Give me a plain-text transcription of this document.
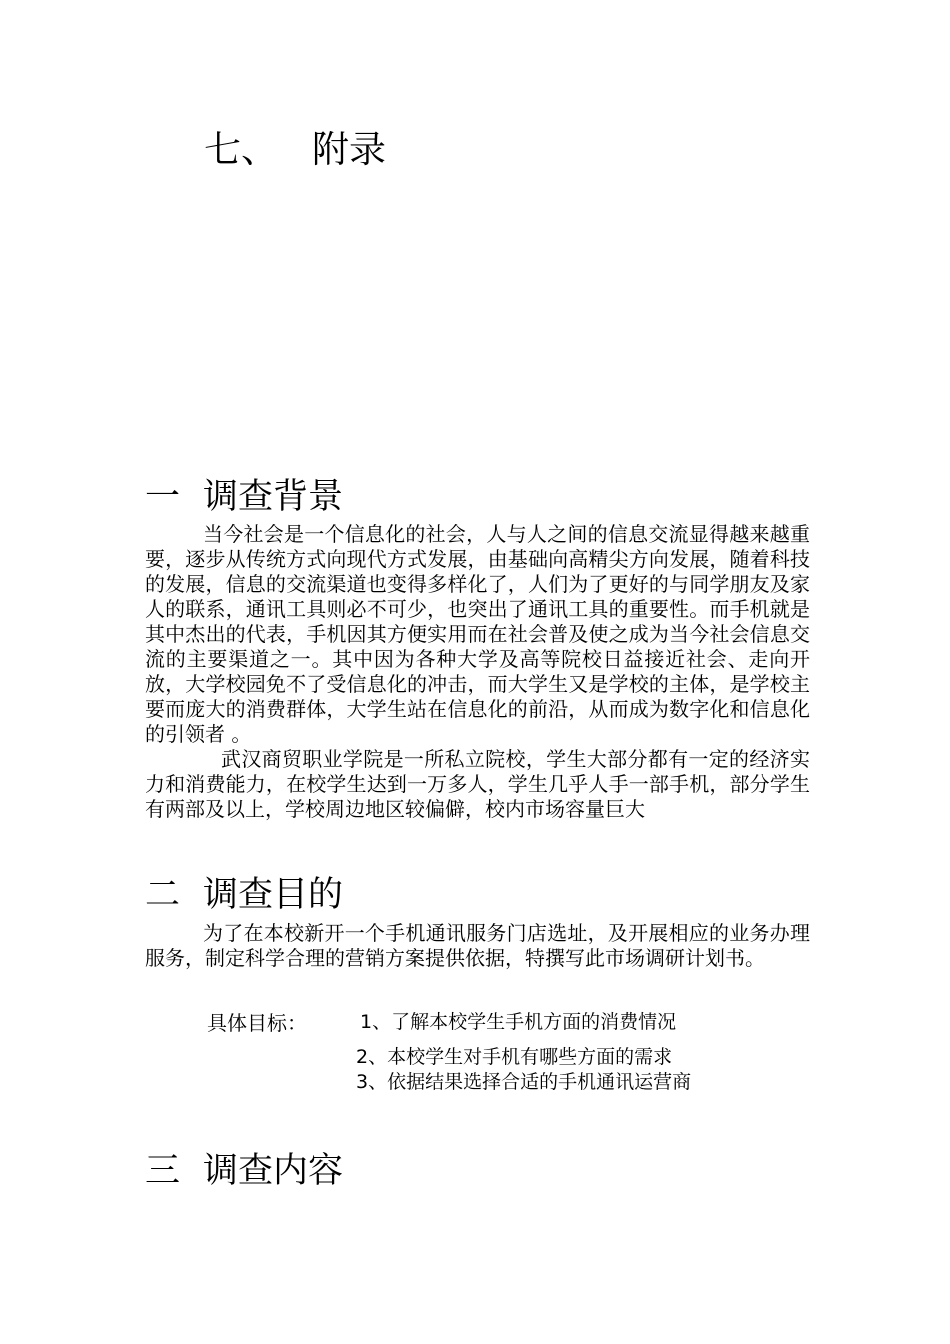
七、 附录
一 调查背景

当今社会是一个信息化的社会，人与人之间的信息交流显得越来越重要，逐步从传统方式向现代方式发展，由基础向高精尖方向发展，随着科技的发展，信息的交流渠道也变得多样化了，人们为了更好的与同学朋友及家人的联系，通讯工具则必不可少，也突出了通讯工具的重要性。而手机就是其中杰出的代表，手机因其方便实用而在社会普及使之成为当今社会信息交流的主要渠道之一。其中因为各种大学及高等院校日益接近社会、走向开放，大学校园免不了受信息化的冲击，而大学生又是学校的主体，是学校主要而庞大的消费群体，大学生站在信息化的前沿，从而成为数字化和信息化的引领者 。

武汉商贸职业学院是一所私立院校，学生大部分都有一定的经济实力和消费能力，在校学生达到一万多人，学生几乎人手一部手机，部分学生有两部及以上，学校周边地区较偏僻，校内市场容量巨大

二 调查目的

为了在本校新开一个手机通讯服务门店选址，及开展相应的业务办理服务，制定科学合理的营销方案提供依据，特撰写此市场调研计划书。

具体目标：	1、了解本校学生手机方面的消费情况
2、本校学生对手机有哪些方面的需求
3、依据结果选择合适的手机通讯运营商
三 调查内容
